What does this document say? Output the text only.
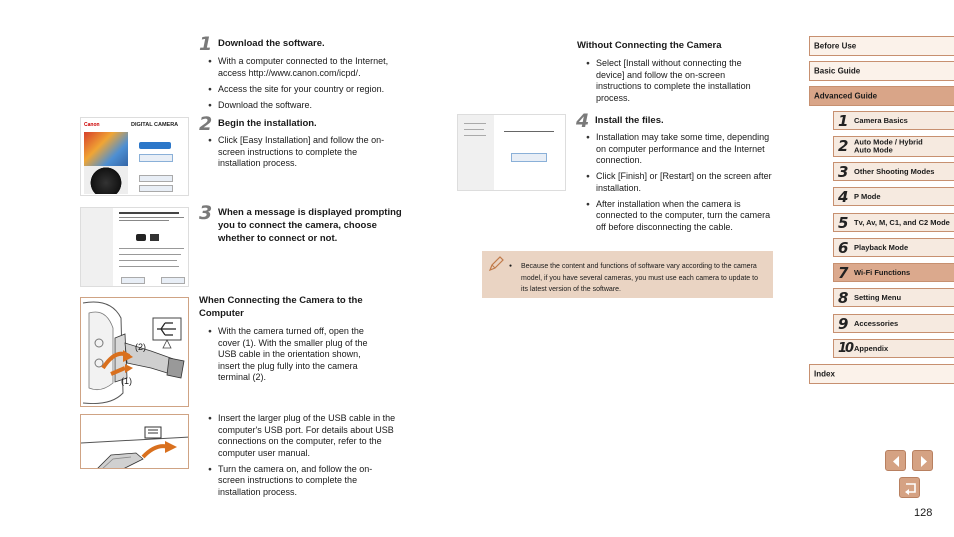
1 Download the software.
● With a computer connected to the Internet, access http://www.canon.com/icpd/.
● Access the site for your country or region.
● Download the software.
Canon	DIGITAL CAMERA 2 Begin the installation.
● Click [Easy Installation] and follow the on-screen instructions to complete the installation process.
3 When a message is displayed prompting you to connect the camera, choose whether to connect or not.
(2)
(1)
When Connecting the Camera to the Computer
● With the camera turned off, open the cover (1). With the smaller plug of the USB cable in the orientation shown, insert the plug fully into the camera terminal (2).
● Insert the larger plug of the USB cable in the computer's USB port. For details about USB connections on the computer, refer to the computer user manual.
● Turn the camera on, and follow the on-screen instructions to complete the installation process.
Without Connecting the Camera
● Select [Install without connecting the device] and follow the on-screen instructions to complete the installation process.
4 Install the files.
● Installation may take some time, depending on computer performance and the Internet connection.
● Click [Finish] or [Restart] on the screen after installation.
● After installation when the camera is connected to the computer, turn the camera off before disconnecting the cable.
● Because the content and functions of software vary according to the camera model, if you have several cameras, you must use each camera to update to its latest version of the software.
Before Use
Basic Guide
Advanced Guide
1 Camera Basics
2 Auto Mode / Hybrid Auto Mode
3 Other Shooting Modes
4 P Mode
5 Tv, Av, M, C1, and C2 Mode
6 Playback Mode
7 Wi-Fi Functions
8 Setting Menu
9 Accessories
10 Appendix
Index
128
